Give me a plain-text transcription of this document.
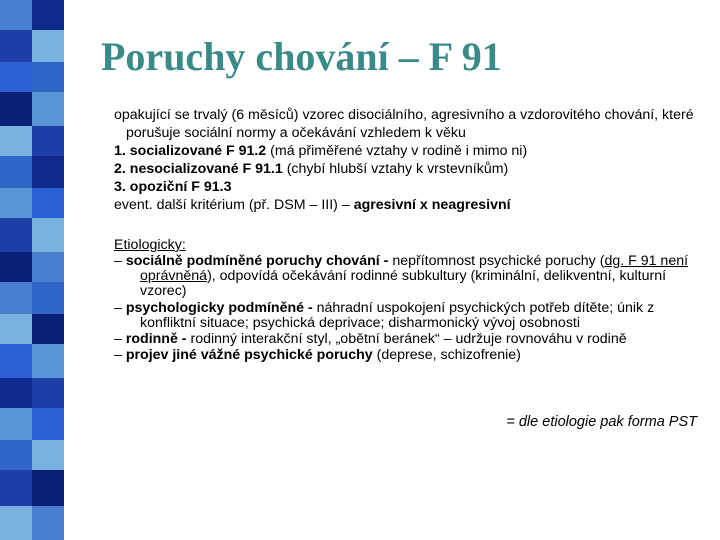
Poruchy chování – F 91

opakující se trvalý (6 měsíců) vzorec disociálního, agresivního a vzdorovitého chování, které porušuje sociální normy a očekávání vzhledem k věku

1. socializované F 91.2 (má přiměřené vztahy v rodině i mimo ni)

2. nesocializované F 91.1 (chybí hlubší vztahy k vrstevníkům)

3. opoziční F 91.3

event. další kritérium (př. DSM – III) – agresivní x neagresivní

Etiologicky:

– sociálně podmíněné poruchy chování - nepřítomnost psychické poruchy (dg. F 91 není oprávněná), odpovídá očekávání rodinné subkultury (kriminální, delikventní, kulturní vzorec)

– psychologicky podmíněné - náhradní uspokojení psychických potřeb dítěte; únik z konfliktní situace; psychická deprivace; disharmonický vývoj osobnosti

– rodinně - rodinný interakční styl, „obětní beránek“ – udržuje rovnováhu v rodině

– projev jiné vážné psychické poruchy (deprese, schizofrenie)

= dle etiologie pak forma PST
